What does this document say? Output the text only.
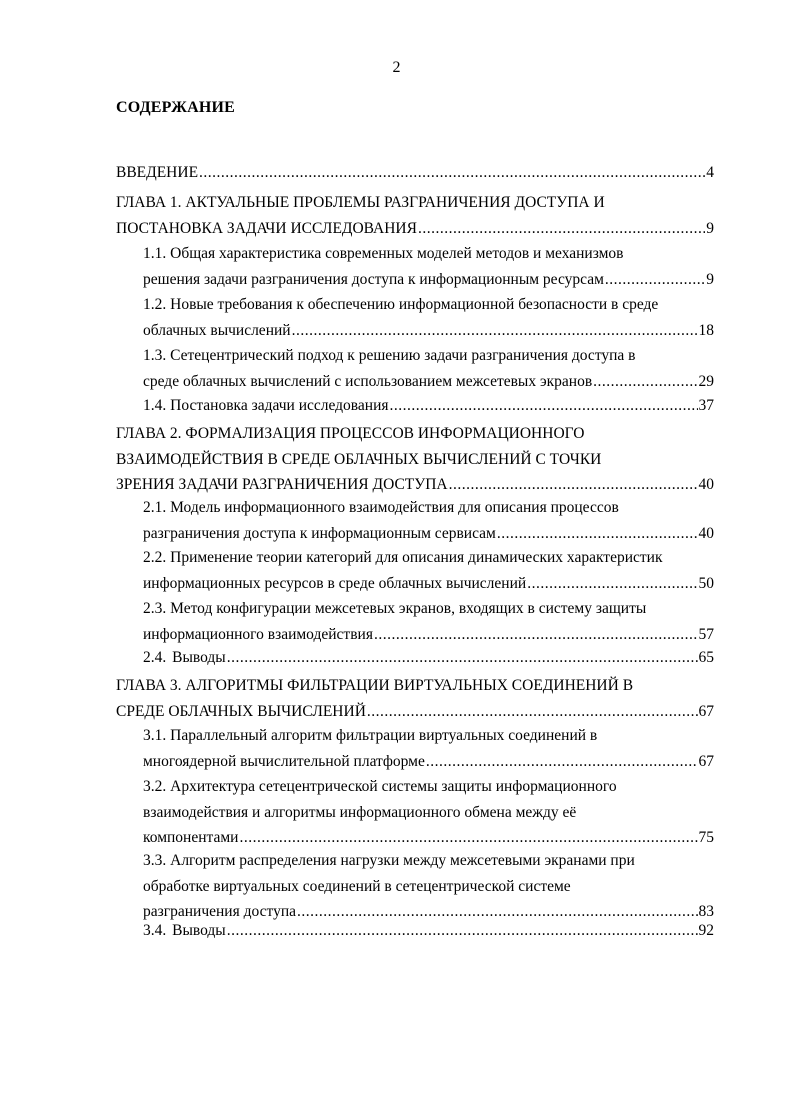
2
СОДЕРЖАНИЕ
ВВЕДЕНИЕ .....	4
ГЛАВА 1. АКТУАЛЬНЫЕ ПРОБЛЕМЫ РАЗГРАНИЧЕНИЯ ДОСТУПА И
ПОСТАНОВКА ЗАДАЧИ ИССЛЕДОВАНИЯ .....	9
1.1. Общая характеристика современных моделей методов и механизмов
решения задачи разграничения доступа к информационным ресурсам .....	9
1.2. Новые требования к обеспечению информационной безопасности в среде
облачных вычислений .....	18
1.3. Сетецентрический подход к решению задачи разграничения доступа в
среде облачных вычислений с использованием межсетевых экранов .....	29
1.4. Постановка задачи исследования .....	37
ГЛАВА 2. ФОРМАЛИЗАЦИЯ ПРОЦЕССОВ ИНФОРМАЦИОННОГО
ВЗАИМОДЕЙСТВИЯ В СРЕДЕ ОБЛАЧНЫХ ВЫЧИСЛЕНИЙ С ТОЧКИ
ЗРЕНИЯ ЗАДАЧИ РАЗГРАНИЧЕНИЯ ДОСТУПА .....	40
2.1. Модель информационного взаимодействия для описания процессов
разграничения доступа к информационным сервисам .....	40
2.2. Применение теории категорий для описания динамических характеристик
информационных ресурсов в среде облачных вычислений .....	50
2.3. Метод конфигурации межсетевых экранов, входящих в систему защиты
информационного взаимодействия .....	57
2.4. Выводы .....	65
ГЛАВА 3. АЛГОРИТМЫ ФИЛЬТРАЦИИ ВИРТУАЛЬНЫХ СОЕДИНЕНИЙ В
СРЕДЕ ОБЛАЧНЫХ ВЫЧИСЛЕНИЙ .....	67
3.1. Параллельный алгоритм фильтрации виртуальных соединений в
многоядерной вычислительной платформе .....	67
3.2. Архитектура сетецентрической системы защиты информационного
взаимодействия и алгоритмы информационного обмена между её
компонентами .....	75
3.3. Алгоритм распределения нагрузки между межсетевыми экранами при
обработке виртуальных соединений в сетецентрической системе
разграничения доступа .....	83
3.4. Выводы .....	92
